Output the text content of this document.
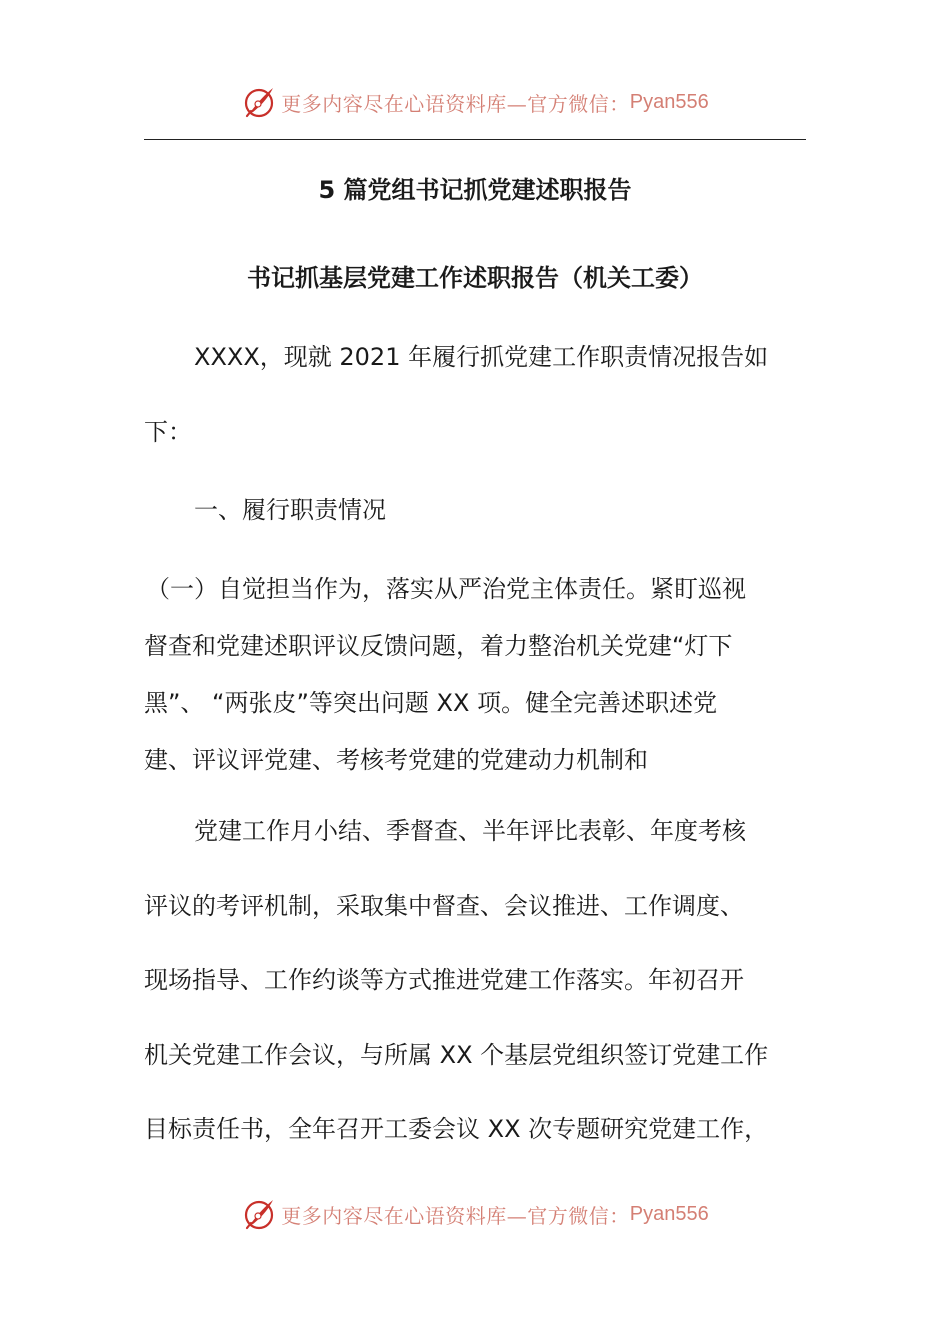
更多内容尽在心语资料库—官方微信： Pyan556
5 篇党组书记抓党建述职报告
书记抓基层党建工作述职报告（机关工委）
XXXX，现就 2021 年履行抓党建工作职责情况报告如
下：
一、履行职责情况
（一）自觉担当作为，落实从严治党主体责任。紧盯巡视
督查和党建述职评议反馈问题，着力整治机关党建“灯下
黑”、 “两张皮”等突出问题 XX 项。健全完善述职述党
建、评议评党建、考核考党建的党建动力机制和
党建工作月小结、季督查、半年评比表彰、年度考核
评议的考评机制，采取集中督查、会议推进、工作调度、
现场指导、工作约谈等方式推进党建工作落实。年初召开
机关党建工作会议，与所属 XX 个基层党组织签订党建工作
目标责任书，全年召开工委会议 XX 次专题研究党建工作，
更多内容尽在心语资料库—官方微信： Pyan556
